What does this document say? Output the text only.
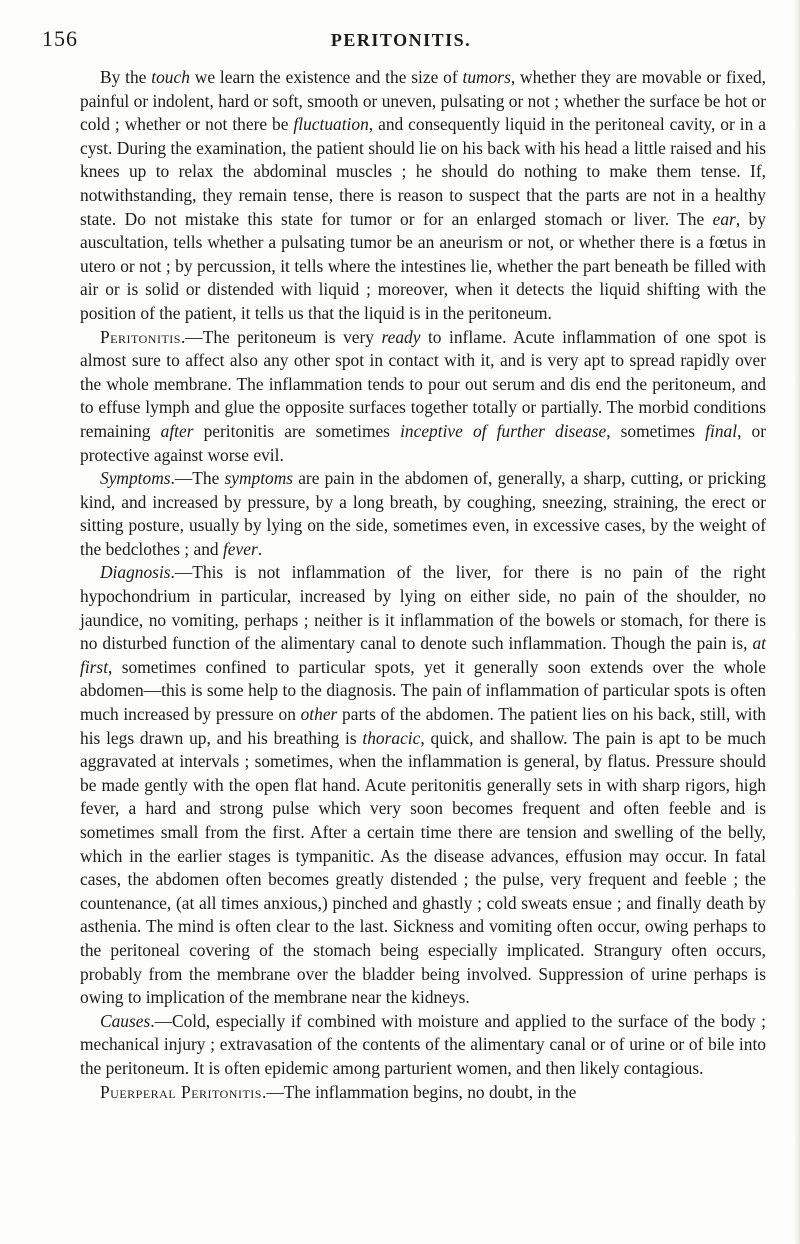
156	PERITONITIS.

By the touch we learn the existence and the size of tumors, whether they are movable or fixed, painful or indolent, hard or soft, smooth or uneven, pulsating or not ; whether the surface be hot or cold ; whether or not there be fluctuation, and consequently liquid in the peritoneal cavity, or in a cyst. During the examination, the patient should lie on his back with his head a little raised and his knees up to relax the abdominal muscles ; he should do nothing to make them tense. If, notwithstanding, they remain tense, there is reason to suspect that the parts are not in a healthy state. Do not mistake this state for tumor or for an enlarged stomach or liver. The ear, by auscultation, tells whether a pulsating tumor be an aneurism or not, or whether there is a fœtus in utero or not ; by percussion, it tells where the intestines lie, whether the part beneath be filled with air or is solid or distended with liquid ; moreover, when it detects the liquid shifting with the position of the patient, it tells us that the liquid is in the peritoneum.

Peritonitis.—The peritoneum is very ready to inflame. Acute inflammation of one spot is almost sure to affect also any other spot in contact with it, and is very apt to spread rapidly over the whole membrane. The inflammation tends to pour out serum and dis end the peritoneum, and to effuse lymph and glue the opposite surfaces together totally or partially. The morbid conditions remaining after peritonitis are sometimes inceptive of further disease, sometimes final, or protective against worse evil.

Symptoms.—The symptoms are pain in the abdomen of, generally, a sharp, cutting, or pricking kind, and increased by pressure, by a long breath, by coughing, sneezing, straining, the erect or sitting posture, usually by lying on the side, sometimes even, in excessive cases, by the weight of the bedclothes ; and fever.

Diagnosis.—This is not inflammation of the liver, for there is no pain of the right hypochondrium in particular, increased by lying on either side, no pain of the shoulder, no jaundice, no vomiting, perhaps ; neither is it inflammation of the bowels or stomach, for there is no disturbed function of the alimentary canal to denote such inflammation. Though the pain is, at first, sometimes confined to particular spots, yet it generally soon extends over the whole abdomen—this is some help to the diagnosis. The pain of inflammation of particular spots is often much increased by pressure on other parts of the abdomen. The patient lies on his back, still, with his legs drawn up, and his breathing is thoracic, quick, and shallow. The pain is apt to be much aggravated at intervals ; sometimes, when the inflammation is general, by flatus. Pressure should be made gently with the open flat hand. Acute peritonitis generally sets in with sharp rigors, high fever, a hard and strong pulse which very soon becomes frequent and often feeble and is sometimes small from the first. After a certain time there are tension and swelling of the belly, which in the earlier stages is tympanitic. As the disease advances, effusion may occur. In fatal cases, the abdomen often becomes greatly distended ; the pulse, very frequent and feeble ; the countenance, (at all times anxious,) pinched and ghastly ; cold sweats ensue ; and finally death by asthenia. The mind is often clear to the last. Sickness and vomiting often occur, owing perhaps to the peritoneal covering of the stomach being especially implicated. Strangury often occurs, probably from the membrane over the bladder being involved. Suppression of urine perhaps is owing to implication of the membrane near the kidneys.

Causes.—Cold, especially if combined with moisture and applied to the surface of the body ; mechanical injury ; extravasation of the contents of the alimentary canal or of urine or of bile into the peritoneum. It is often epidemic among parturient women, and then likely contagious.

Puerperal Peritonitis.—The inflammation begins, no doubt, in the
